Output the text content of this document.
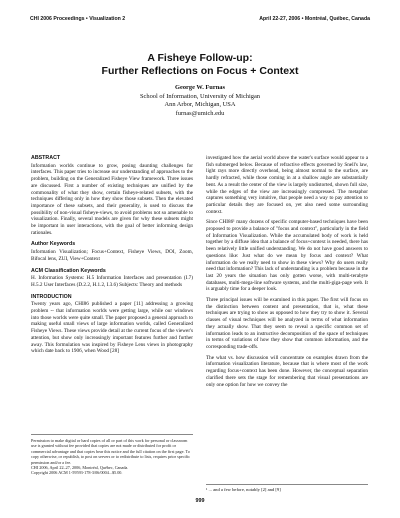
CHI 2006 Proceedings • Visualization 2	April 22-27, 2006 • Montréal, Québec, Canada
A Fisheye Follow-up:
Further Reflections on Focus + Context
George W. Furnas
School of Information, University of Michigan
Ann Arbor, Michigan, USA
furnas@umich.edu
ABSTRACT

Information worlds continue to grow, posing daunting challenges for interfaces. This paper tries to increase our understanding of approaches to the problem, building on the Generalized Fisheye View framework. Three issues are discussed. First a number of existing techniques are unified by the commonality of what they show, certain fisheye-related subsets, with the techniques differing only in how they show those subsets. Then the elevated importance of these subsets, and their generality, is used to discuss the possibility of non-visual fisheye-views, to avoid problems not so amenable to visualization. Finally, several models are given for why these subsets might be important in user interactions, with the goal of better informing design rationales.

Author Keywords

Information Visualization; Focus+Context, Fisheye Views, DOI, Zoom, Bifocal lens, ZUI, View+Context

ACM Classification Keywords

H. Information Systems: H.5 Information Interfaces and presentation (I.7) H.5.2 User Interfaces (D.2.2, H.1.2, I.3.6) Subjects: Theory and methods

INTRODUCTION

Twenty years ago, CHI86 published a paper [11] addressing a growing problem -- that information worlds were getting large, while our windows into those worlds were quite small. The paper proposed a general approach to making useful small views of large information worlds, called Generalized Fisheye Views. These views provide detail at the current focus of the viewer's attention, but show only increasingly important features further and further away. This formulation was inspired by Fisheye Lens views in photography which date back to 1906, when Wood [28]

Permission to make digital or hard copies of all or part of this work for personal or classroom use is granted without fee provided that copies are not made or distributed for profit or commercial advantage and that copies bear this notice and the full citation on the first page. To copy otherwise, or republish, to post on servers or to redistribute to lists, requires prior specific permission and/or a fee.
CHI 2006, April 22–27, 2006, Montréal, Québec, Canada.
Copyright 2006 ACM 1-59593-178-3/06/0004...$5.00.

investigated how the aerial world above the water's surface would appear to a fish submerged below. Because of refractive effects governed by Snell's law, light rays more directly overhead, being almost normal to the surface, are hardly refracted, while those coming in at a shallow angle are substantially bent. As a result the center of the view is largely undistorted, shown full size, while the edges of the view are increasingly compressed. The metaphor captures something very intuitive, that people need a way to pay attention to particular details they are focused on, yet also need some surrounding context.

Since CHI86¹ many dozens of specific computer-based techniques have been proposed to provide a balance of "focus and context", particularly in the field of Information Visualization. While the accumulated body of work is held together by a diffuse idea that a balance of focus+context is needed, there has been relatively little unified understanding. We do not have good answers to questions like: Just what do we mean by focus and context? What information do we really need to show in these views? Why do users really need that information? This lack of understanding is a problem because in the last 20 years the situation has only gotten worse, with multi-terabyte databases, multi-mega-line software systems, and the multi-giga-page web. It is arguably time for a deeper look.

Three principal issues will be examined in this paper. The first will focus on the distinction between content and presentation, that is, what these techniques are trying to show as opposed to how they try to show it. Several classes of visual techniques will be analyzed in terms of what information they actually show. That they seem to reveal a specific common set of information leads to an instructive decomposition of the space of techniques in terms of variations of how they show that common information, and the corresponding trade-offs.

The what vs. how discussion will concentrate on examples drawn from the information visualization literature, because that is where most of the work regarding focus+context has been done. However, the conceptual separation clarified there sets the stage for remembering that visual presentations are only one option for how we convey the

¹ ... and a few before, notably [2] and [9]
999
